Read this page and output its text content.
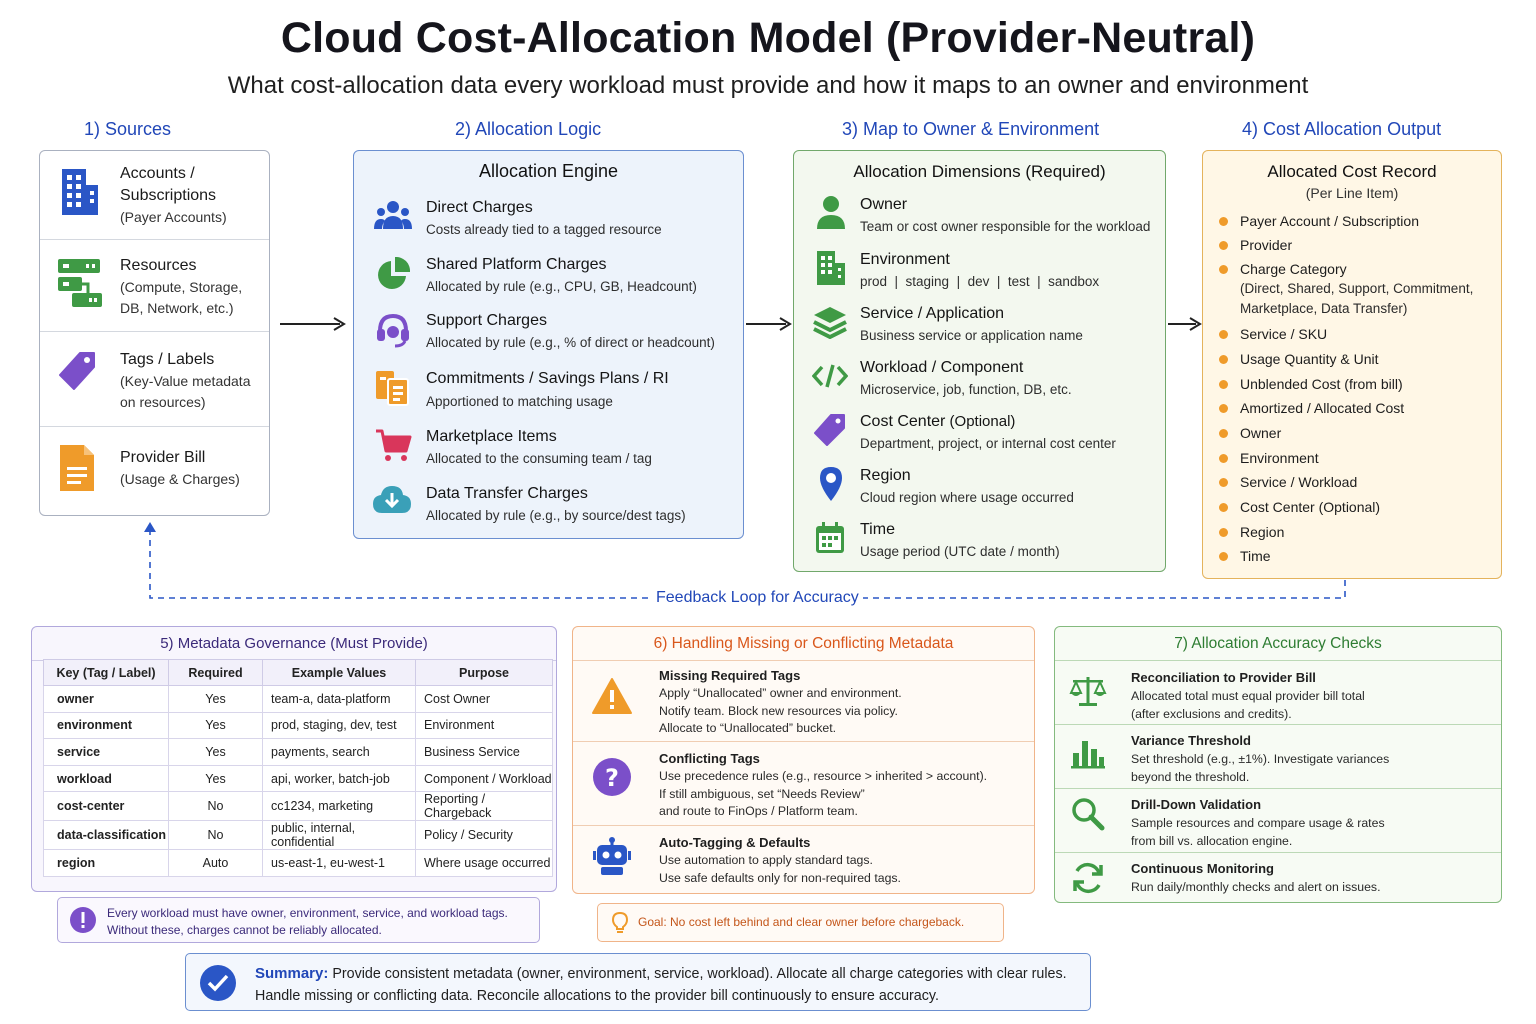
Cloud Cost-Allocation Model (Provider-Neutral)
What cost-allocation data every workload must provide and how it maps to an owner and environment
1) Sources	2) Allocation Logic	3) Map to Owner & Environment	4) Cost Allocation Output
Accounts /
Subscriptions
(Payer Accounts)
Resources
(Compute, Storage,
DB, Network, etc.)
Tags / Labels
(Key-Value metadata
on resources)
Provider Bill
(Usage & Charges)
Allocation Engine
Direct Charges
Costs already tied to a tagged resource
Shared Platform Charges
Allocated by rule (e.g., CPU, GB, Headcount)
Support Charges
Allocated by rule (e.g., % of direct or headcount)
Commitments / Savings Plans / RI
Apportioned to matching usage
Marketplace Items
Allocated to the consuming team / tag
Data Transfer Charges
Allocated by rule (e.g., by source/dest tags)
Allocation Dimensions (Required)
Owner
Team or cost owner responsible for the workload
Environment
prod  |  staging  |  dev  |  test  |  sandbox
Service / Application
Business service or application name
Workload / Component
Microservice, job, function, DB, etc.
Cost Center (Optional)
Department, project, or internal cost center
Region
Cloud region where usage occurred
Time
Usage period (UTC date / month)
Allocated Cost Record
(Per Line Item)
Payer Account / Subscription
Provider
Charge Category
(Direct, Shared, Support, Commitment,
Marketplace, Data Transfer)
Service / SKU
Usage Quantity & Unit
Unblended Cost (from bill)
Amortized / Allocated Cost
Owner
Environment
Service / Workload
Cost Center (Optional)
Region
Time
Feedback Loop for Accuracy
5) Metadata Governance (Must Provide)
Key (Tag / Label)	Required	Example Values	Purpose
owner	Yes	team-a, data-platform	Cost Owner
environment	Yes	prod, staging, dev, test	Environment
service	Yes	payments, search	Business Service
workload	Yes	api, worker, batch-job	Component / Workload
cost-center	No	cc1234, marketing	Reporting / Chargeback
data-classification	No	public, internal, confidential	Policy / Security
region	Auto	us-east-1, eu-west-1	Where usage occurred
Every workload must have owner, environment, service, and workload tags.
Without these, charges cannot be reliably allocated.
6) Handling Missing or Conflicting Metadata
Missing Required Tags
Apply “Unallocated” owner and environment.
Notify team. Block new resources via policy.
Allocate to “Unallocated” bucket.
?
Conflicting Tags
Use precedence rules (e.g., resource > inherited > account).
If still ambiguous, set “Needs Review”
and route to FinOps / Platform team.
Auto-Tagging & Defaults
Use automation to apply standard tags.
Use safe defaults only for non-required tags.
Goal: No cost left behind and clear owner before chargeback.
7) Allocation Accuracy Checks
Reconciliation to Provider Bill
Allocated total must equal provider bill total
(after exclusions and credits).
Variance Threshold
Set threshold (e.g., ±1%). Investigate variances
beyond the threshold.
Drill-Down Validation
Sample resources and compare usage & rates
from bill vs. allocation engine.
Continuous Monitoring
Run daily/monthly checks and alert on issues.
Summary: Provide consistent metadata (owner, environment, service, workload). Allocate all charge categories with clear rules.
Handle missing or conflicting data. Reconcile allocations to the provider bill continuously to ensure accuracy.
